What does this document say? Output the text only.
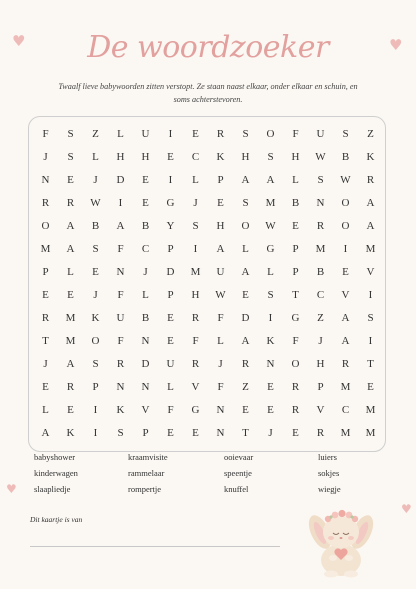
♥	♥
♥
♥
De woordzoeker
Twaalf lieve babywoorden zitten verstopt. Ze staan naast elkaar, onder elkaar en schuin, en soms achterstevoren.
F	S	Z	L	U	I	E	R	S	O	F	U	S	Z
J	S	L	H	H	E	C	K	H	S	H	W	B	K
N	E	J	D	E	I	L	P	A	A	L	S	W	R
R	R	W	I	E	G	J	E	S	M	B	N	O	A
O	A	B	A	B	Y	S	H	O	W	E	R	O	A
M	A	S	F	C	P	I	A	L	G	P	M	I	M
P	L	E	N	J	D	M	U	A	L	P	B	E	V
E	E	J	F	L	P	H	W	E	S	T	C	V	I
R	M	K	U	B	E	R	F	D	I	G	Z	A	S
T	M	O	F	N	E	F	L	A	K	F	J	A	I
J	A	S	R	D	U	R	J	R	N	O	H	R	T
E	R	P	N	N	L	V	F	Z	E	R	P	M	E
L	E	I	K	V	F	G	N	E	E	R	V	C	M
A	K	I	S	P	E	E	N	T	J	E	R	M	M
babyshower	kraamvisite	ooievaar	luiers
kinderwagen	rammelaar	speentje	sokjes
slaapliedje	rompertje	knuffel	wiegje
Dit kaartje is van
